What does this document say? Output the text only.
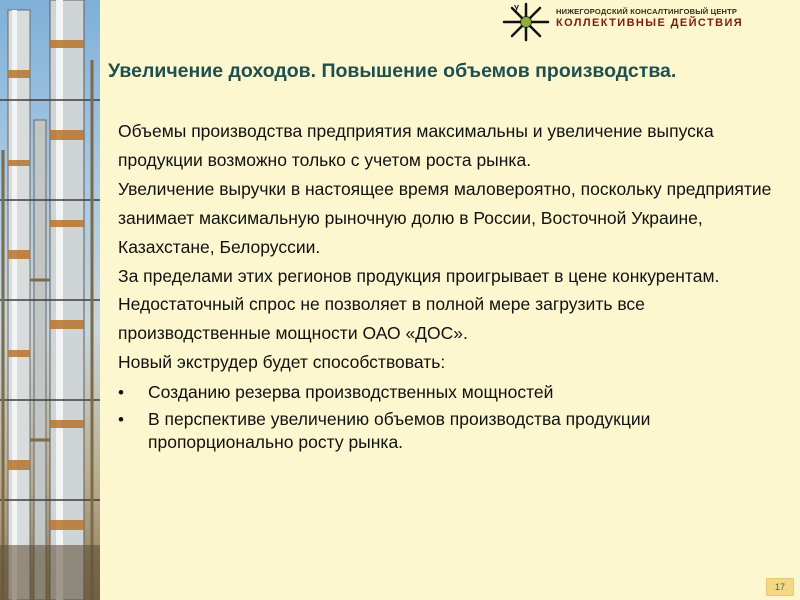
У	НИЖЕГОРОДСКИЙ КОНСАЛТИНГОВЫЙ ЦЕНТР
КОЛЛЕКТИВНЫЕ ДЕЙСТВИЯ
Увеличение доходов. Повышение объемов производства.

Объемы производства предприятия максимальны и увеличение выпуска продукции возможно только с учетом роста рынка.

Увеличение выручки в настоящее время маловероятно, поскольку предприятие занимает максимальную рыночную долю в России, Восточной Украине, Казахстане, Белоруссии.

За пределами этих регионов продукция проигрывает в цене конкурентам.

Недостаточный спрос не позволяет в полной мере загрузить все производственные мощности ОАО «ДОС».

Новый экструдер будет способствовать:

• Созданию резерва производственных мощностей
• В перспективе увеличению объемов производства продукции пропорционально росту рынка.
17
